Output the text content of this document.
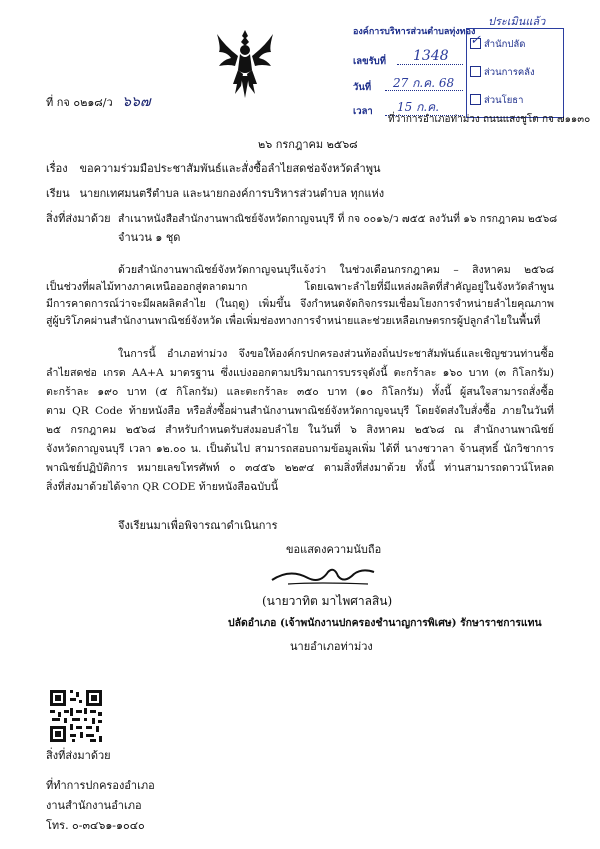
ที่ กจ ๐๒๑๘/ว ๖๖๗
องค์การบริหารส่วนตำบลทุ่งทอง
เลขรับที่ 1348
วันที่ 27 ก.ค. 68
เวลา 15 ก.ค.
✓ สำนักปลัด
ส่วนการคลัง
ส่วนโยธา
ประเมินแล้ว
ที่ว่าการอำเภอท่าม่วง ถนนแสงชูโต กจ ๗๑๑๓๐
๒๖ กรกฎาคม ๒๕๖๘
เรื่อง ขอความร่วมมือประชาสัมพันธ์และสั่งซื้อลำไยสดช่อจังหวัดลำพูน
เรียน นายกเทศมนตรีตำบล และนายกองค์การบริหารส่วนตำบล ทุกแห่ง
สิ่งที่ส่งมาด้วย สำเนาหนังสือสำนักงานพาณิชย์จังหวัดกาญจนบุรี ที่ กจ ๐๐๑๖/ว ๗๕๕ ลงวันที่ ๑๖ กรกฎาคม ๒๕๖๘
จำนวน ๑ ชุด
ด้วยสำนักงานพาณิชย์จังหวัดกาญจนบุรีแจ้งว่า ในช่วงเดือนกรกฎาคม – สิงหาคม ๒๕๖๘
เป็นช่วงที่ผลไม้ทางภาคเหนือออกสู่ตลาดมาก โดยเฉพาะลำไยที่มีแหล่งผลิตที่สำคัญอยู่ในจังหวัดลำพูน
มีการคาดการณ์ว่าจะมีผลผลิตลำไย (ในฤดู) เพิ่มขึ้น จึงกำหนดจัดกิจกรรมเชื่อมโยงการจำหน่ายลำไยคุณภาพ
สู่ผู้บริโภคผ่านสำนักงานพาณิชย์จังหวัด เพื่อเพิ่มช่องทางการจำหน่ายและช่วยเหลือเกษตรกรผู้ปลูกลำไยในพื้นที่
ในการนี้ อำเภอท่าม่วง จึงขอให้องค์กรปกครองส่วนท้องถิ่นประชาสัมพันธ์และเชิญชวนท่านซื้อ
ลำไยสดช่อ เกรด AA+A มาตรฐาน ซึ่งแบ่งออกตามปริมาณการบรรจุดังนี้ ตะกร้าละ ๑๖๐ บาท (๓ กิโลกรัม)
ตะกร้าละ ๑๙๐ บาท (๕ กิโลกรัม) และตะกร้าละ ๓๕๐ บาท (๑๐ กิโลกรัม) ทั้งนี้ ผู้สนใจสามารถสั่งซื้อ
ตาม QR Code ท้ายหนังสือ หรือสั่งซื้อผ่านสำนักงานพาณิชย์จังหวัดกาญจนบุรี โดยจัดส่งใบสั่งซื้อ ภายในวันที่
๒๕ กรกฎาคม ๒๕๖๘ สำหรับกำหนดรับส่งมอบลำไย ในวันที่ ๖ สิงหาคม ๒๕๖๘ ณ สำนักงานพาณิชย์
จังหวัดกาญจนบุรี เวลา ๑๒.๐๐ น. เป็นต้นไป สามารถสอบถามข้อมูลเพิ่ม ได้ที่ นางชวาลา จ้านสุทธิ์ นักวิชาการ
พาณิชย์ปฏิบัติการ หมายเลขโทรศัพท์ ๐ ๓๔๕๖ ๒๒๙๔ ตามสิ่งที่ส่งมาด้วย ทั้งนี้ ท่านสามารถดาวน์โหลด
สิ่งที่ส่งมาด้วยได้จาก QR CODE ท้ายหนังสือฉบับนี้
จึงเรียนมาเพื่อพิจารณาดำเนินการ
ขอแสดงความนับถือ
(นายวาทิต มาไพศาลสิน)
ปลัดอำเภอ (เจ้าพนักงานปกครองชำนาญการพิเศษ) รักษาราชการแทน
นายอำเภอท่าม่วง
สิ่งที่ส่งมาด้วย
ที่ทำการปกครองอำเภอ
งานสำนักงานอำเภอ
โทร. ๐-๓๔๖๑-๑๐๔๐
